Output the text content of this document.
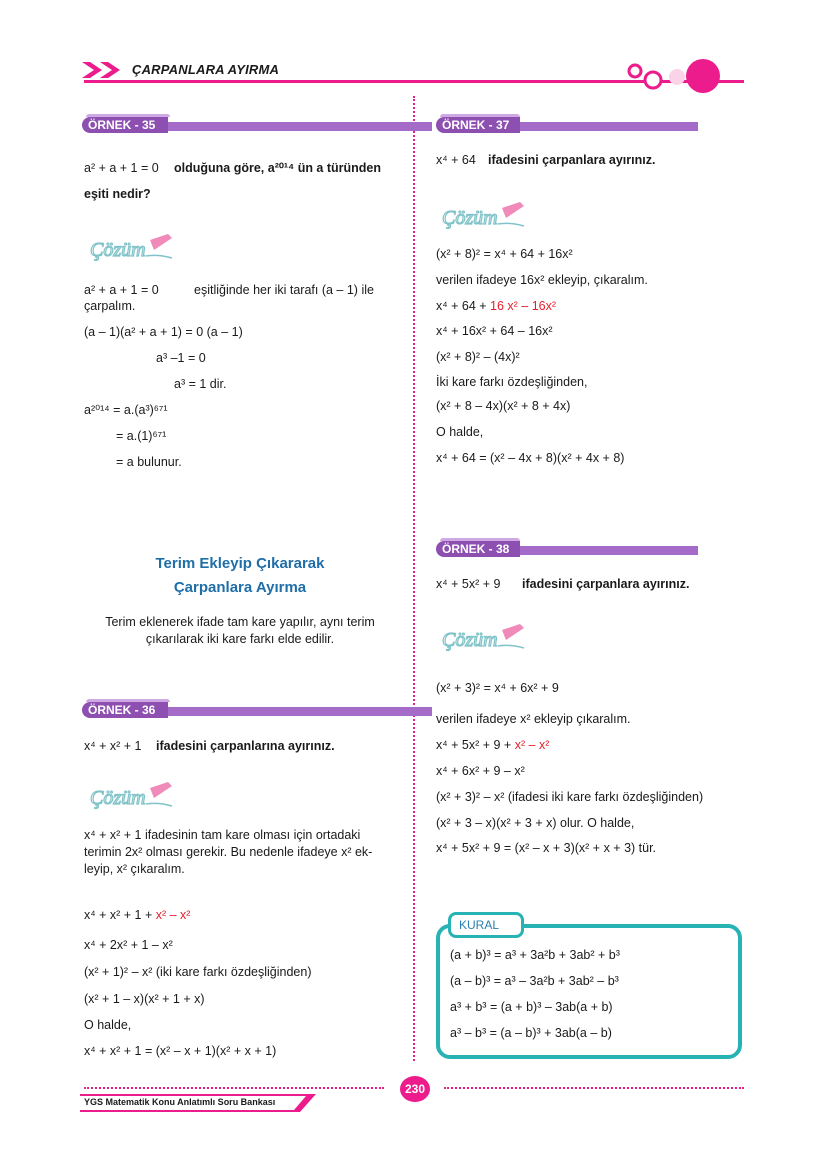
ÇARPANLARA AYIRMA
ÖRNEK - 35
a² + a + 1 = 0 olduğuna göre, a²⁰¹⁴ ün a türünden
eşiti nedir?
Çözüm
a² + a + 1 = 0	eşitliğinde her iki tarafı (a – 1) ile
çarpalım.
(a – 1)(a² + a + 1) = 0 (a – 1)
a³ –1 = 0
a³ = 1 dir.
a²⁰¹⁴ = a.(a³)⁶⁷¹
= a.(1)⁶⁷¹
= a bulunur.
Terim Ekleyip Çıkararak
Çarpanlara Ayırma
Terim eklenerek ifade tam kare yapılır, aynı terim
çıkarılarak iki kare farkı elde edilir.
ÖRNEK - 36
x⁴ + x² + 1 ifadesini çarpanlarına ayırınız.
Çözüm
x⁴ + x² + 1 ifadesinin tam kare olması için ortadaki
terimin 2x² olması gerekir. Bu nedenle ifadeye x² ek-
leyip, x² çıkaralım.
x⁴ + x² + 1 + x² – x²
x⁴ + 2x² + 1 – x²
(x² + 1)² – x² (iki kare farkı özdeşliğinden)
(x² + 1 – x)(x² + 1 + x)
O halde,
x⁴ + x² + 1 = (x² – x + 1)(x² + x + 1)
ÖRNEK - 37
x⁴ + 64 ifadesini çarpanlara ayırınız.
Çözüm
(x² + 8)² = x⁴ + 64 + 16x²
verilen ifadeye 16x² ekleyip, çıkaralım.
x⁴ + 64 + 16 x² – 16x²
x⁴ + 16x² + 64 – 16x²
(x² + 8)² – (4x)²
İki kare farkı özdeşliğinden,
(x² + 8 – 4x)(x² + 8 + 4x)
O halde,
x⁴ + 64 = (x² – 4x + 8)(x² + 4x + 8)
ÖRNEK - 38
x⁴ + 5x² + 9 ifadesini çarpanlara ayırınız.
Çözüm
(x² + 3)² = x⁴ + 6x² + 9
verilen ifadeye x² ekleyip çıkaralım.
x⁴ + 5x² + 9 + x² – x²
x⁴ + 6x² + 9 – x²
(x² + 3)² – x² (ifadesi iki kare farkı özdeşliğinden)
(x² + 3 – x)(x² + 3 + x) olur. O halde,
x⁴ + 5x² + 9 = (x² – x + 3)(x² + x + 3) tür.
KURAL
(a + b)³ = a³ + 3a²b + 3ab² + b³
(a – b)³ = a³ – 3a²b + 3ab² – b³
a³ + b³ = (a + b)³ – 3ab(a + b)
a³ – b³ = (a – b)³ + 3ab(a – b)
230
YGS Matematik Konu Anlatımlı Soru Bankası
